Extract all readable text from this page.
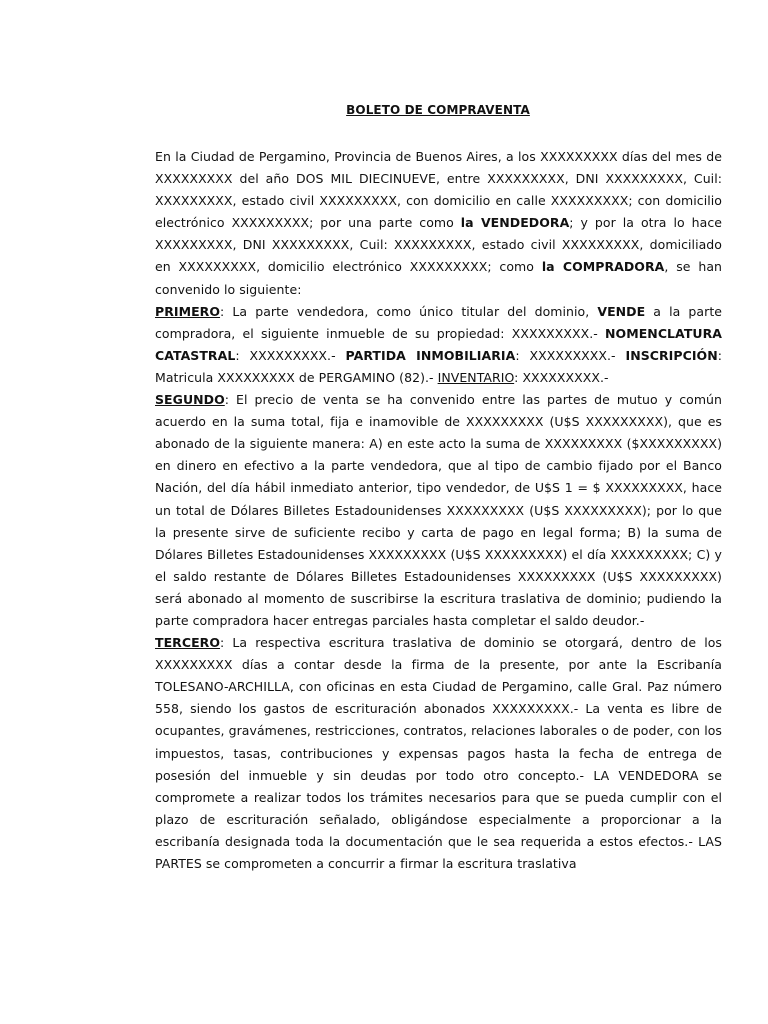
BOLETO DE COMPRAVENTA

En la Ciudad de Pergamino, Provincia de Buenos Aires, a los XXXXXXXXX días del mes de XXXXXXXXX del año DOS MIL DIECINUEVE, entre XXXXXXXXX, DNI XXXXXXXXX, Cuil: XXXXXXXXX, estado civil XXXXXXXXX, con domicilio en calle XXXXXXXXX; con domicilio electrónico XXXXXXXXX; por una parte como la VENDEDORA; y por la otra lo hace XXXXXXXXX, DNI XXXXXXXXX, Cuil: XXXXXXXXX, estado civil XXXXXXXXX, domiciliado en XXXXXXXXX, domicilio electrónico XXXXXXXXX; como la COMPRADORA, se han convenido lo siguiente:

PRIMERO: La parte vendedora, como único titular del dominio, VENDE a la parte compradora, el siguiente inmueble de su propiedad: XXXXXXXXX.- NOMENCLATURA CATASTRAL: XXXXXXXXX.- PARTIDA INMOBILIARIA: XXXXXXXXX.- INSCRIPCIÓN: Matricula XXXXXXXXX de PERGAMINO (82).- INVENTARIO: XXXXXXXXX.-

SEGUNDO: El precio de venta se ha convenido entre las partes de mutuo y común acuerdo en la suma total, fija e inamovible de XXXXXXXXX (U$S XXXXXXXXX), que es abonado de la siguiente manera: A) en este acto la suma de XXXXXXXXX ($XXXXXXXXX) en dinero en efectivo a la parte vendedora, que al tipo de cambio fijado por el Banco Nación, del día hábil inmediato anterior, tipo vendedor, de U$S 1 = $ XXXXXXXXX, hace un total de Dólares Billetes Estadounidenses XXXXXXXXX (U$S XXXXXXXXX); por lo que la presente sirve de suficiente recibo y carta de pago en legal forma; B) la suma de Dólares Billetes Estadounidenses XXXXXXXXX (U$S XXXXXXXXX) el día XXXXXXXXX; C) y el saldo restante de Dólares Billetes Estadounidenses XXXXXXXXX (U$S XXXXXXXXX) será abonado al momento de suscribirse la escritura traslativa de dominio; pudiendo la parte compradora hacer entregas parciales hasta completar el saldo deudor.-

TERCERO: La respectiva escritura traslativa de dominio se otorgará, dentro de los XXXXXXXXX días a contar desde la firma de la presente, por ante la Escribanía TOLESANO-ARCHILLA, con oficinas en esta Ciudad de Pergamino, calle Gral. Paz número 558, siendo los gastos de escrituración abonados XXXXXXXXX.- La venta es libre de ocupantes, gravámenes, restricciones, contratos, relaciones laborales o de poder, con los impuestos, tasas, contribuciones y expensas pagos hasta la fecha de entrega de posesión del inmueble y sin deudas por todo otro concepto.- LA VENDEDORA se compromete a realizar todos los trámites necesarios para que se pueda cumplir con el plazo de escrituración señalado, obligándose especialmente a proporcionar a la escribanía designada toda la documentación que le sea requerida a estos efectos.- LAS PARTES se comprometen a concurrir a firmar la escritura traslativa
